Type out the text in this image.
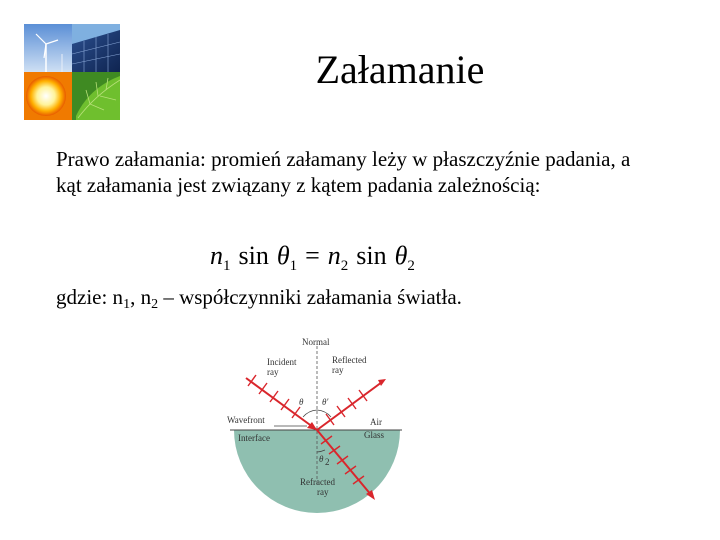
Załamanie
Prawo załamania: promień załamany leży w płaszczyźnie padania, a kąt załamania jest związany z kątem padania zależnością:
$n_1$ $\sin \theta_1 = n_2$ $\sin \theta_2$
gdzie: $n_1$, $n_2$ – współczynniki załamania światła.
Normal
Incident
ray
Reflected
ray
θ θ′
Wavefront	Air
Glass
Interface
θ 2
Refracted
ray
